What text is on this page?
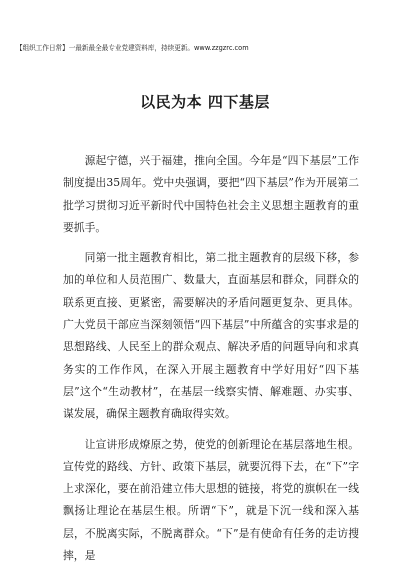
【组织工作日常】一最新最全最专业党建资料库，持续更新。www.zzgzrc.com
以民为本 四下基层

源起宁德，兴于福建，推向全国。今年是“四下基层”工作制度提出35周年。党中央强调，要把“四下基层”作为开展第二批学习贯彻习近平新时代中国特色社会主义思想主题教育的重要抓手。

同第一批主题教育相比，第二批主题教育的层级下移，参加的单位和人员范围广、数量大，直面基层和群众，同群众的联系更直接、更紧密，需要解决的矛盾问题更复杂、更具体。广大党员干部应当深刻领悟“四下基层”中所蕴含的实事求是的思想路线、人民至上的群众观点、解决矛盾的问题导向和求真务实的工作作风，在深入开展主题教育中学好用好“四下基层”这个“生动教材”，在基层一线察实情、解难题、办实事、谋发展，确保主题教育确取得实效。

让宣讲形成燎原之势，使党的创新理论在基层落地生根。宣传党的路线、方针、政策下基层，就要沉得下去，在“下”字上求深化，要在前沿建立伟大思想的链接，将党的旗帜在一线飘扬让理论在基层生根。所谓“下”，就是下沉一线和深入基层，不脱离实际，不脱离群众。“下”是有使命有任务的走访搜摔，是
